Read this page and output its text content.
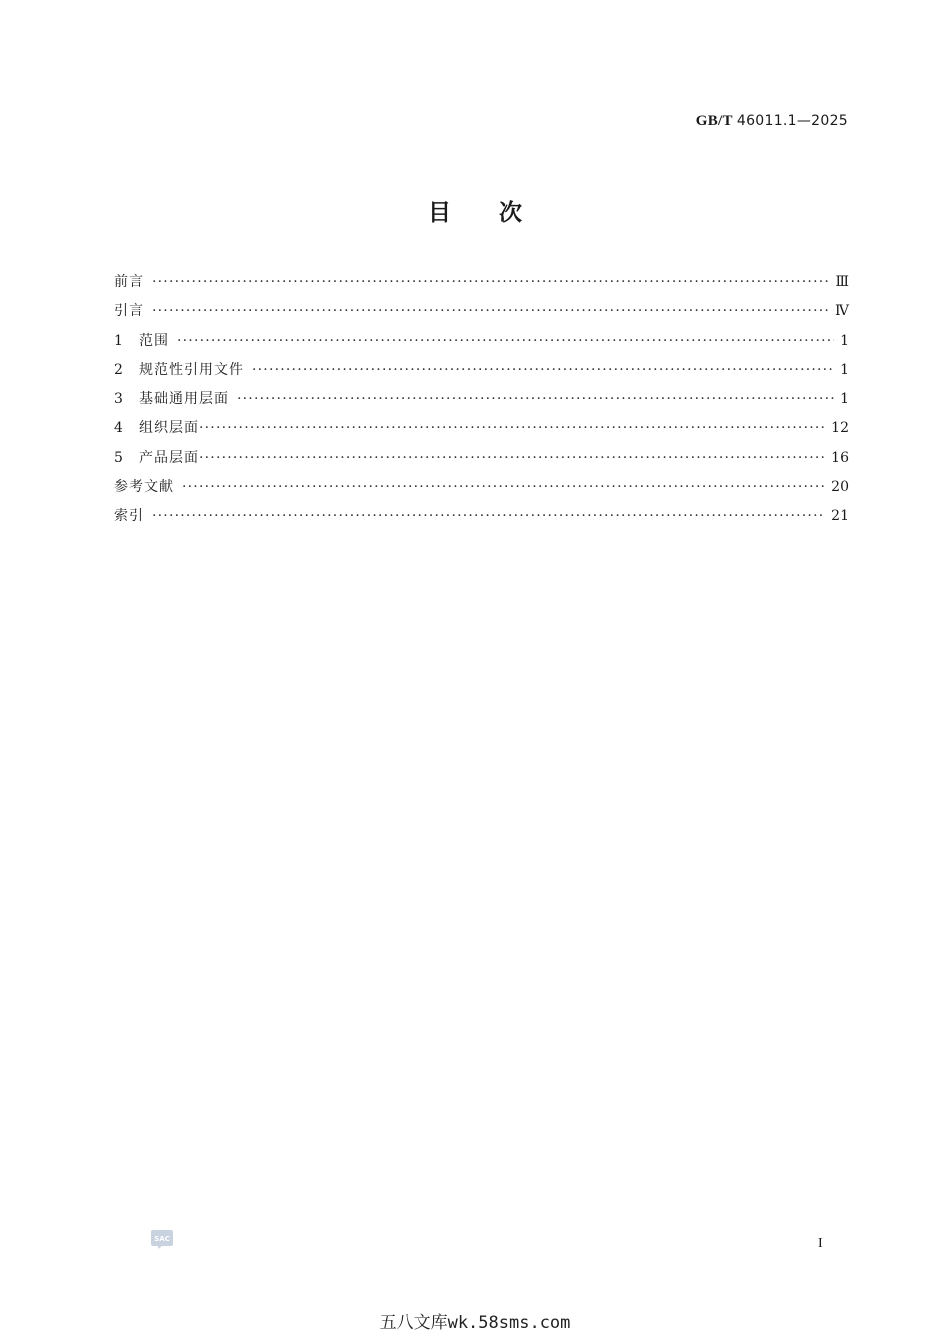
GB/T 46011.1—2025
目次
前言 ·····	Ⅲ
引言 ·····	Ⅳ
1	范围 ·····	1
2	规范性引用文件 ·····	1
3	基础通用层面 ·····	1
4	组织层面 ·····	12
5	产品层面 ·····	16
参考文献 ·····	20
索引 ·····	21
SAC	I
五八文库wk.58sms.com
